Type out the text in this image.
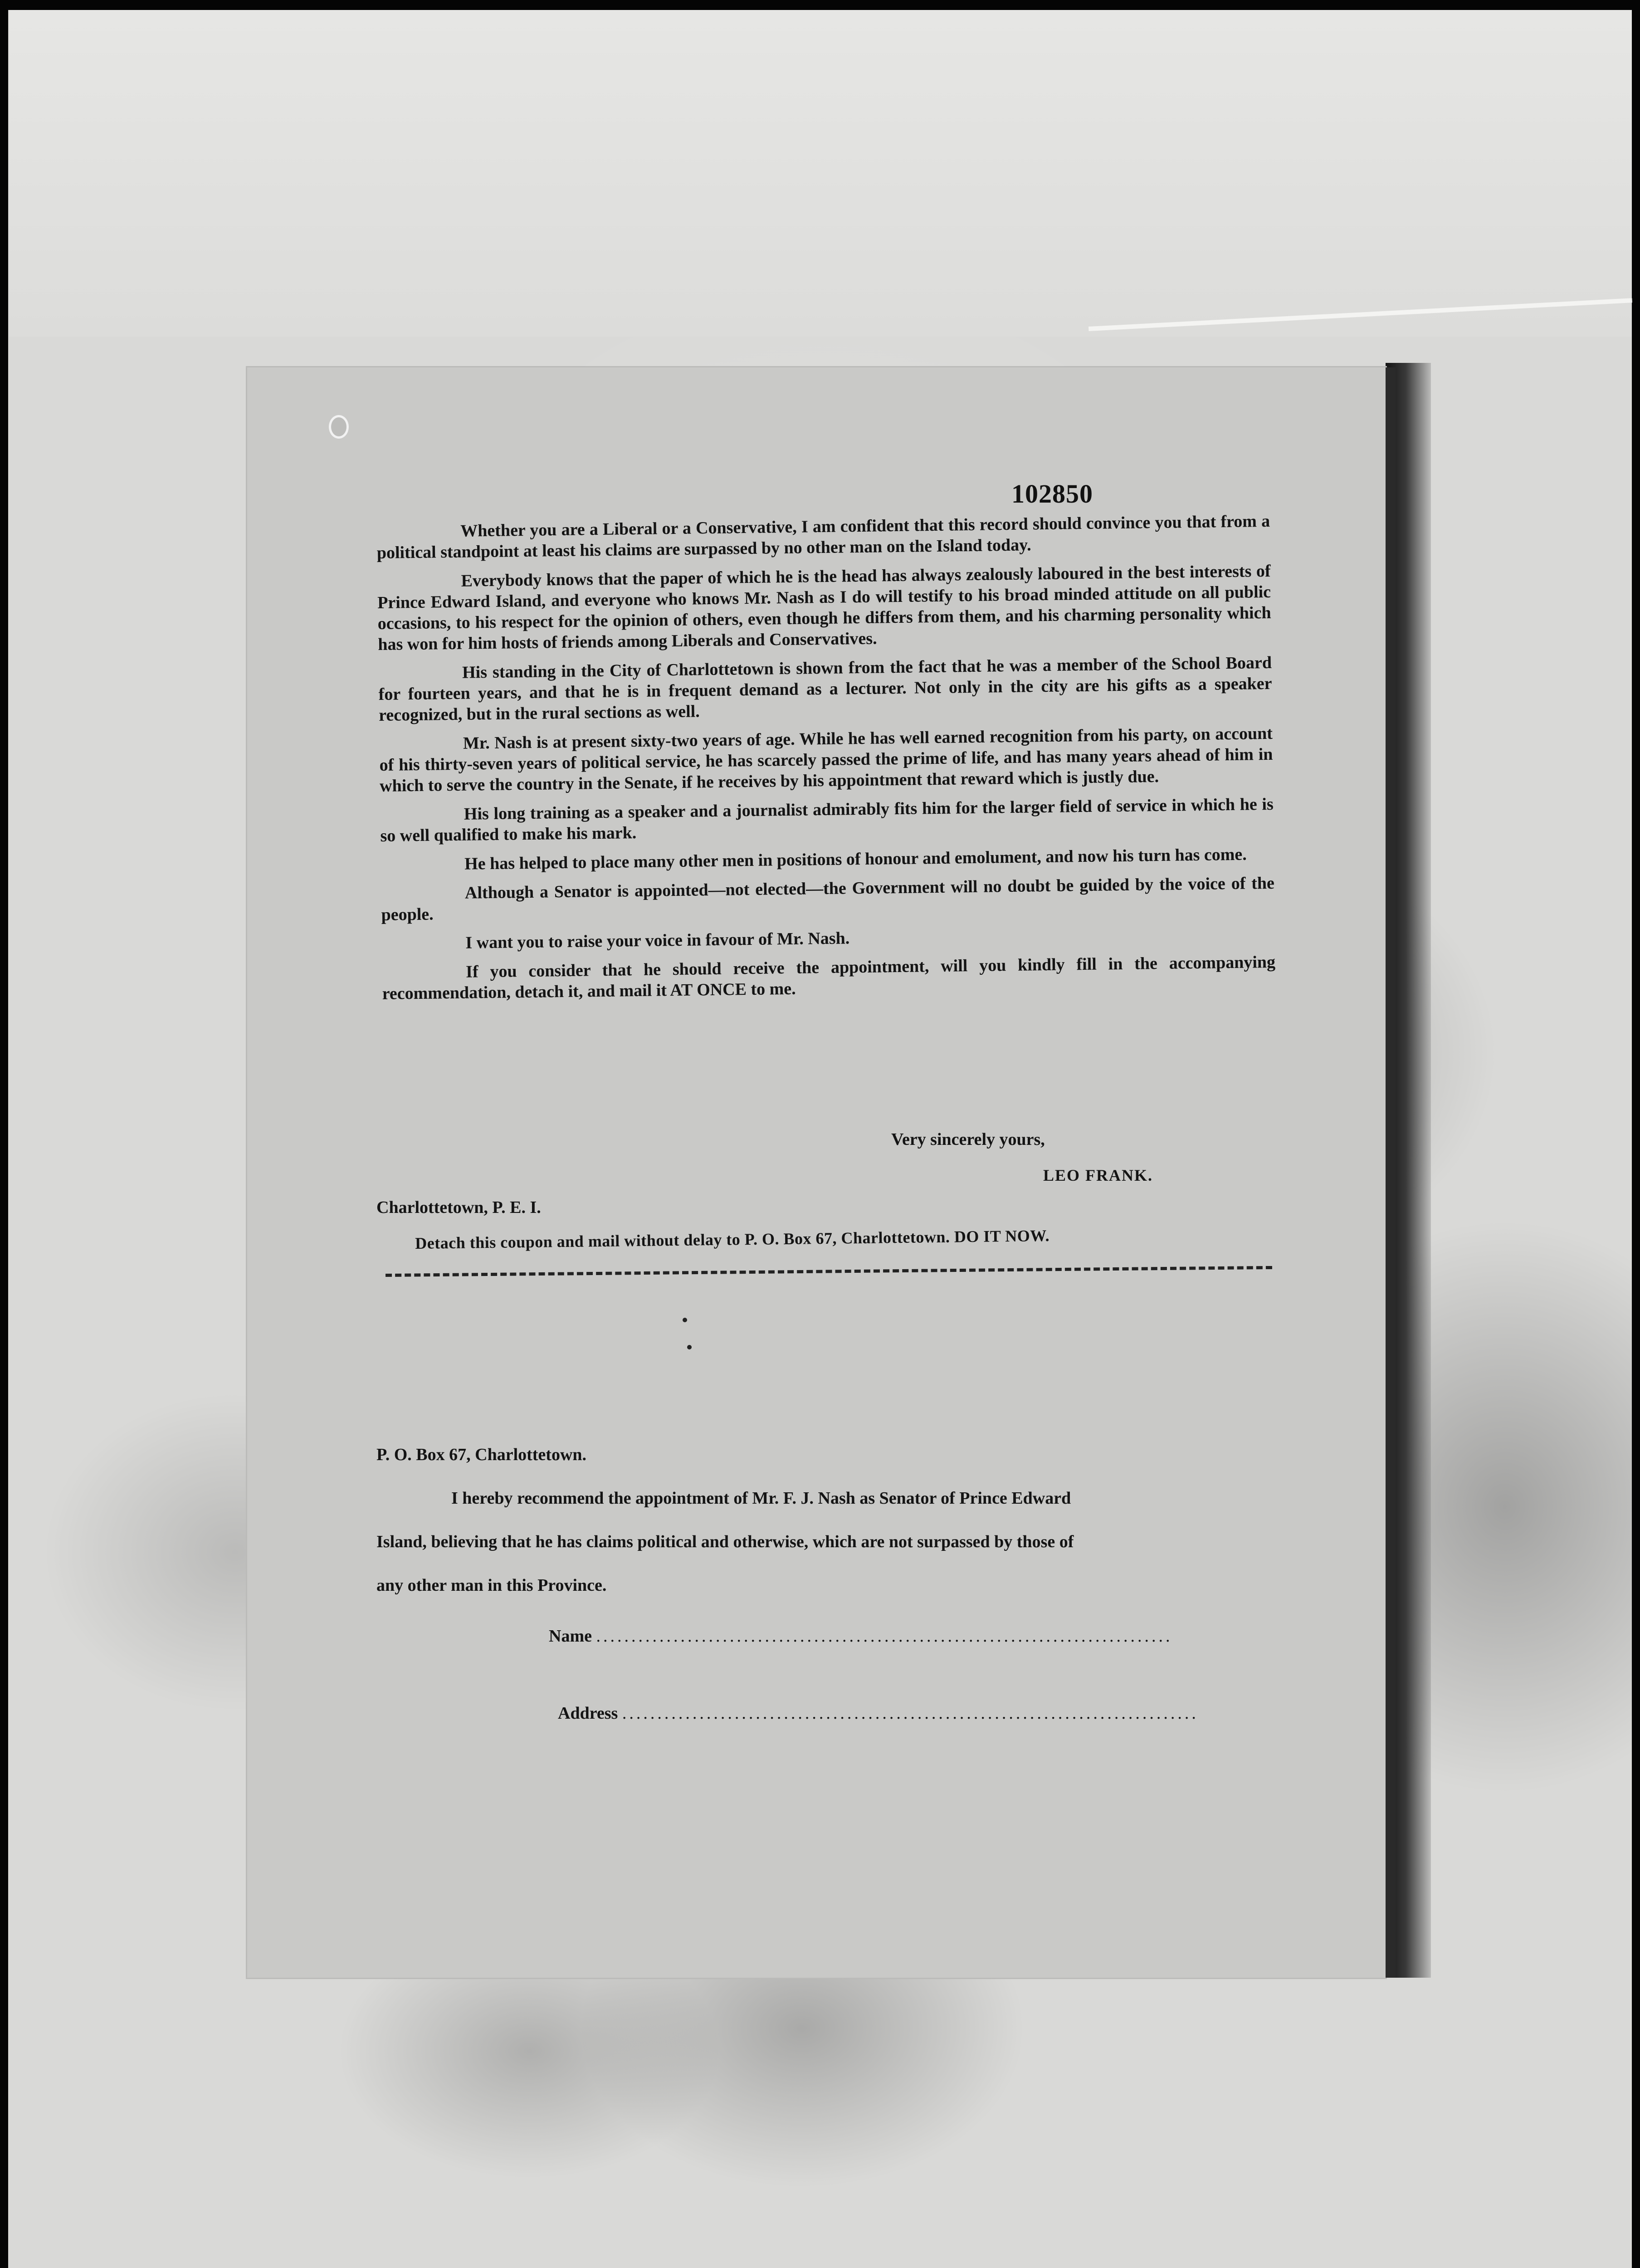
102850

Whether you are a Liberal or a Conservative, I am confident that this record should convince you that from a political standpoint at least his claims are surpassed by no other man on the Island today.

Everybody knows that the paper of which he is the head has always zealously laboured in the best interests of Prince Edward Island, and everyone who knows Mr. Nash as I do will testify to his broad minded attitude on all public occasions, to his respect for the opinion of others, even though he differs from them, and his charming personality which has won for him hosts of friends among Liberals and Conservatives.

His standing in the City of Charlottetown is shown from the fact that he was a member of the School Board for fourteen years, and that he is in frequent demand as a lecturer. Not only in the city are his gifts as a speaker recognized, but in the rural sections as well.

Mr. Nash is at present sixty-two years of age. While he has well earned recognition from his party, on account of his thirty-seven years of political service, he has scarcely passed the prime of life, and has many years ahead of him in which to serve the country in the Senate, if he receives by his appointment that reward which is justly due.

His long training as a speaker and a journalist admirably fits him for the larger field of service in which he is so well qualified to make his mark.

He has helped to place many other men in positions of honour and emolument, and now his turn has come.

Although a Senator is appointed—not elected—the Government will no doubt be guided by the voice of the people.

I want you to raise your voice in favour of Mr. Nash.

If you consider that he should receive the appointment, will you kindly fill in the accompanying recommendation, detach it, and mail it AT ONCE to me.

Very sincerely yours,
LEO FRANK.
Charlottetown, P. E. I.
Detach this coupon and mail without delay to P. O. Box 67, Charlottetown. DO IT NOW.
P. O. Box 67, Charlottetown.
I hereby recommend the appointment of Mr. F. J. Nash as Senator of Prince Edward
Island, believing that he has claims political and otherwise, which are not surpassed by those of
any other man in this Province.
Name ..................................................................................
Address ..................................................................................
